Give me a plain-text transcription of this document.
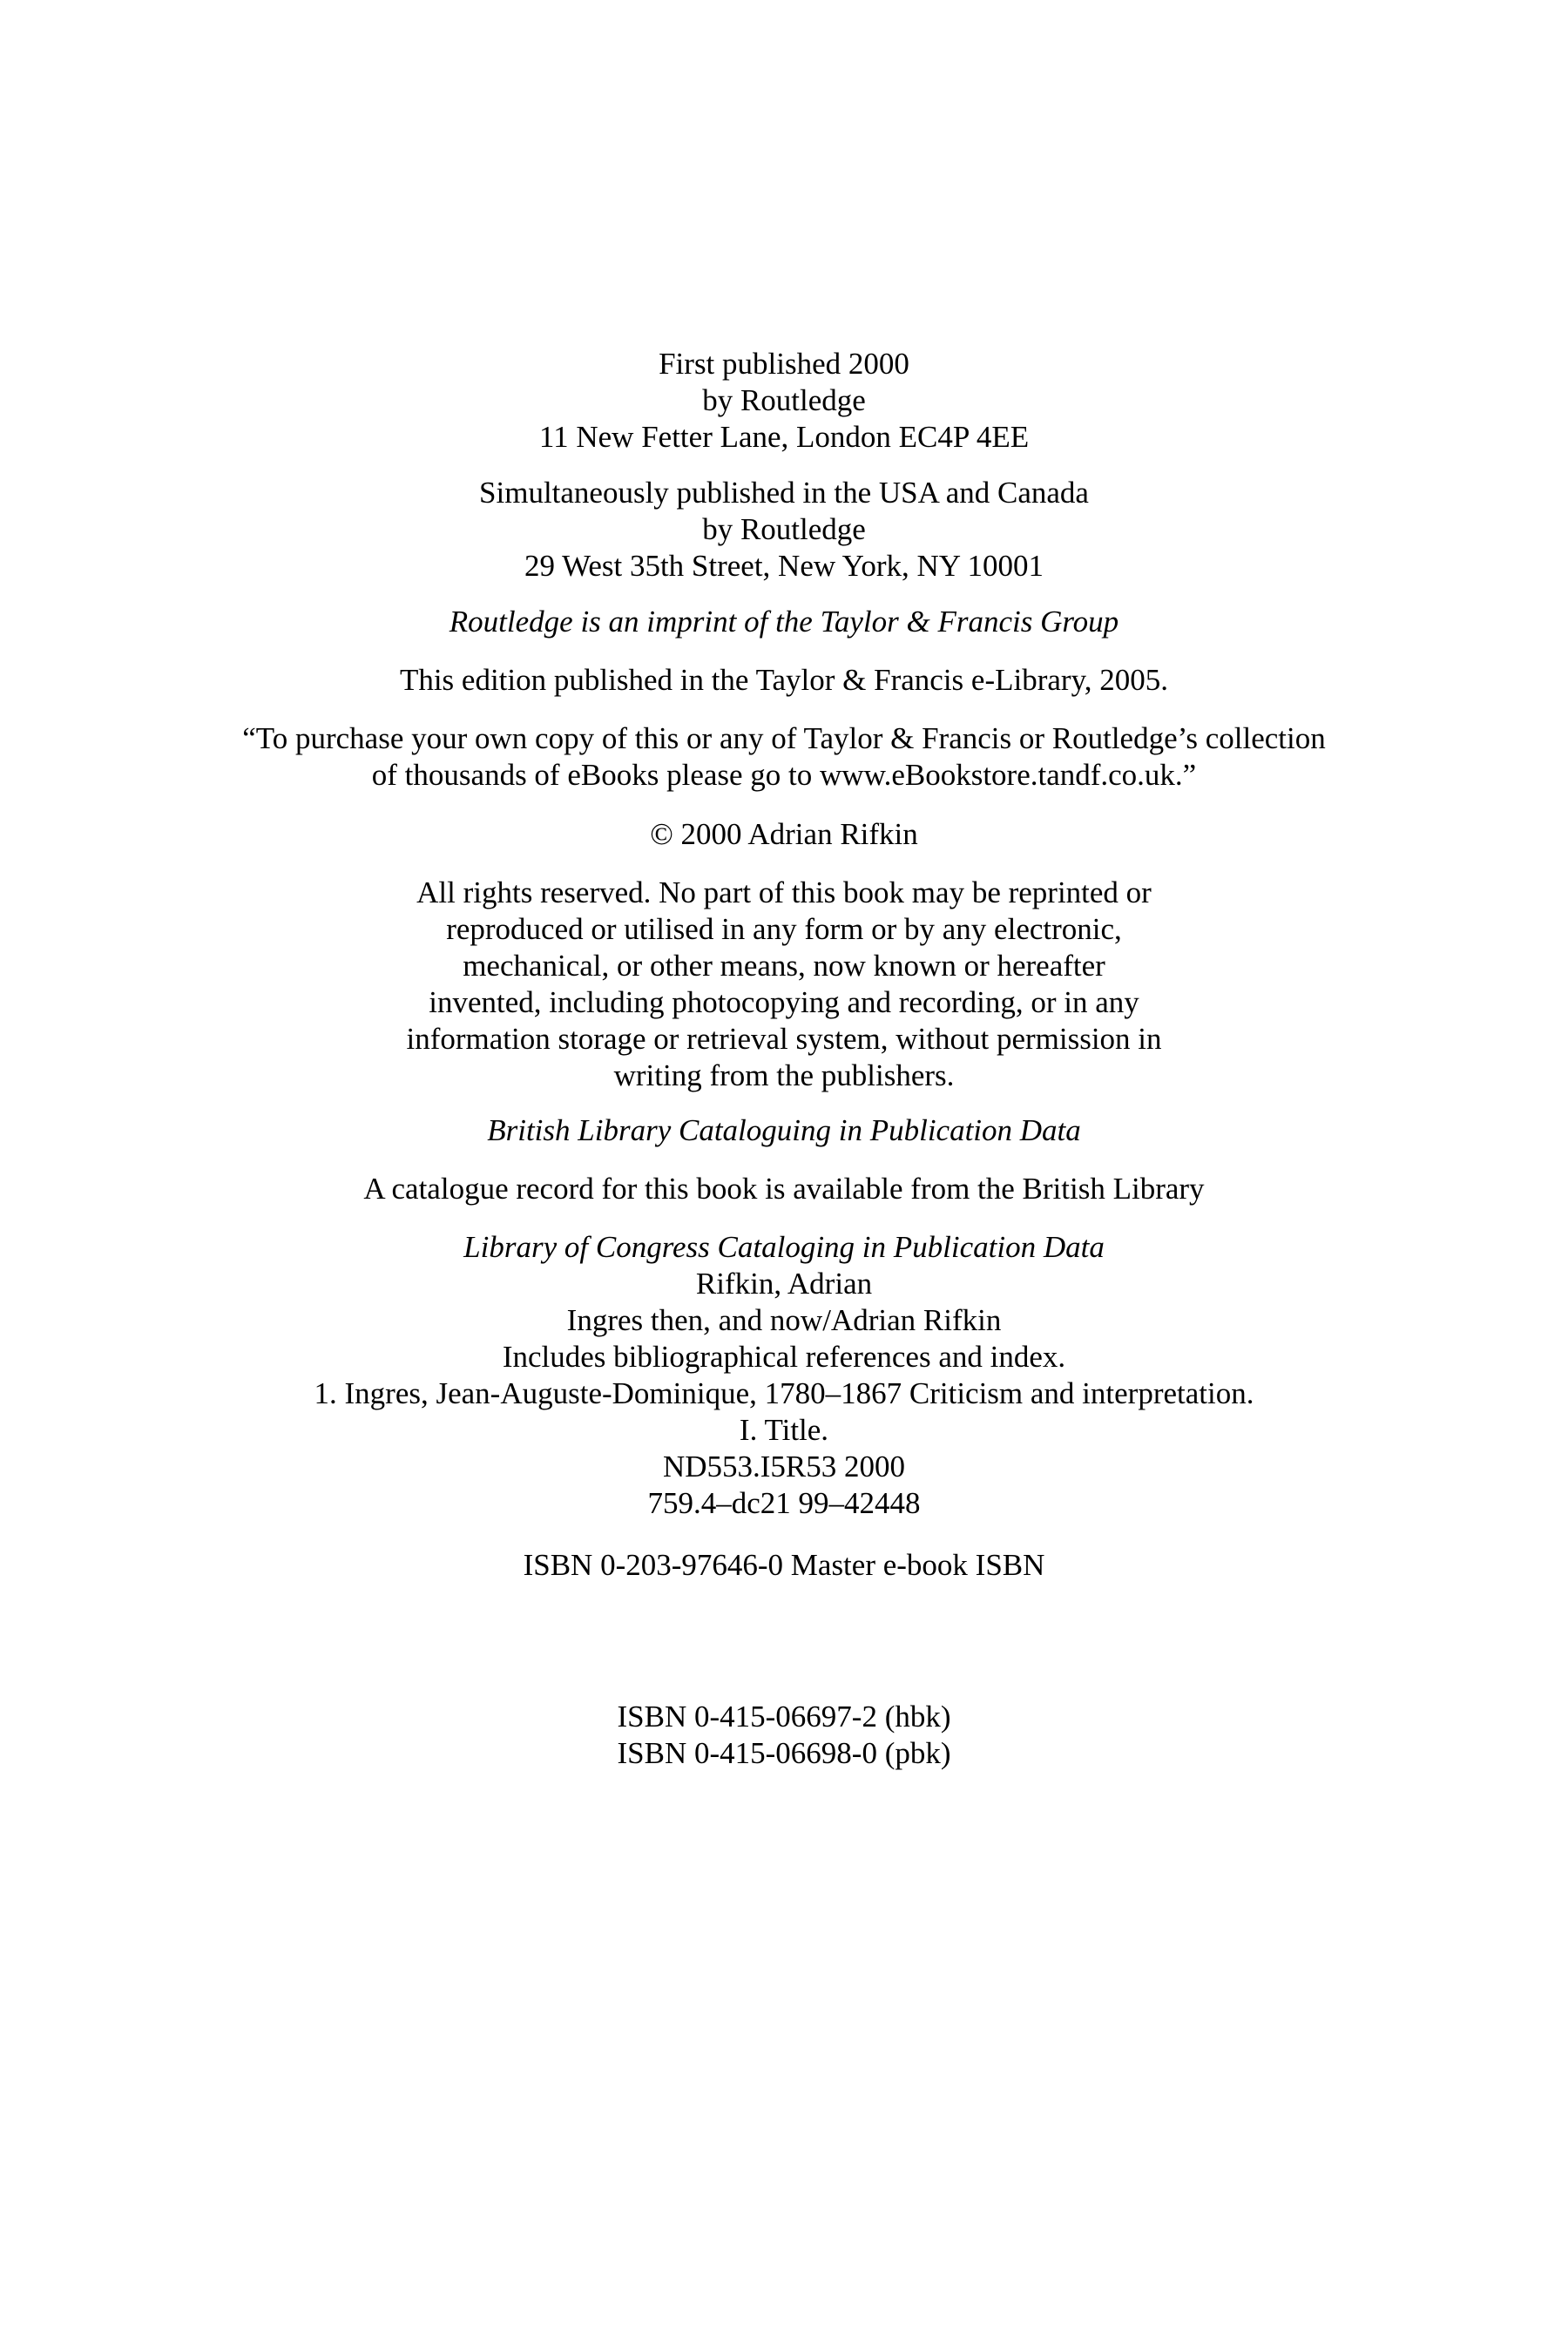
First published 2000
by Routledge
11 New Fetter Lane, London EC4P 4EE
Simultaneously published in the USA and Canada
by Routledge
29 West 35th Street, New York, NY 10001
Routledge is an imprint of the Taylor & Francis Group
This edition published in the Taylor & Francis e-Library, 2005.
“To purchase your own copy of this or any of Taylor & Francis or Routledge’s collection
of thousands of eBooks please go to www.eBookstore.tandf.co.uk.”
© 2000 Adrian Rifkin
All rights reserved. No part of this book may be reprinted or
reproduced or utilised in any form or by any electronic,
mechanical, or other means, now known or hereafter
invented, including photocopying and recording, or in any
information storage or retrieval system, without permission in
writing from the publishers.
British Library Cataloguing in Publication Data
A catalogue record for this book is available from the British Library
Library of Congress Cataloging in Publication Data
Rifkin, Adrian
Ingres then, and now/Adrian Rifkin
Includes bibliographical references and index.
1. Ingres, Jean-Auguste-Dominique, 1780–1867 Criticism and interpretation.
I. Title.
ND553.I5R53 2000
759.4–dc21 99–42448
ISBN 0-203-97646-0 Master e-book ISBN
ISBN 0-415-06697-2 (hbk)
ISBN 0-415-06698-0 (pbk)
